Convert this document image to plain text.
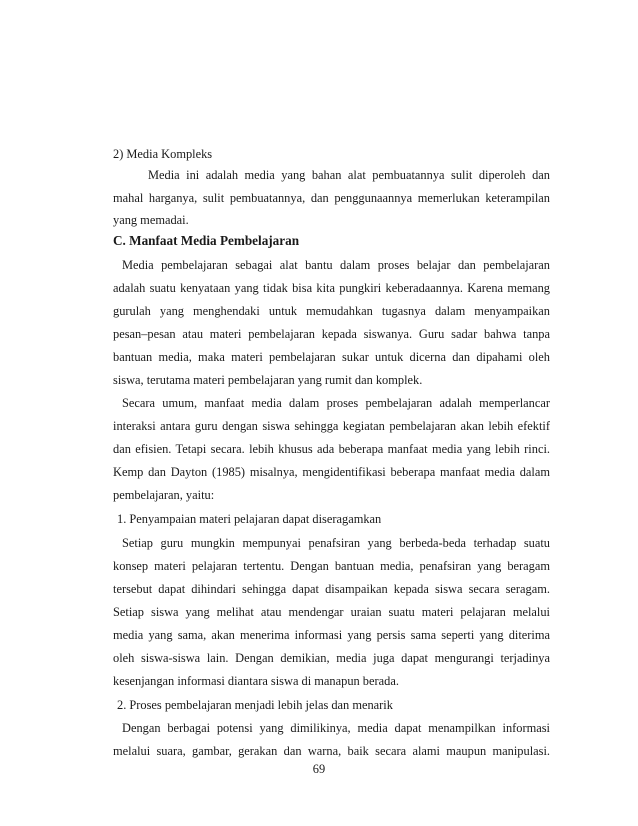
2) Media Kompleks
Media ini adalah media yang bahan alat pembuatannya sulit diperoleh dan
mahal harganya, sulit pembuatannya, dan penggunaannya memerlukan keterampilan
yang memadai.
C. Manfaat Media Pembelajaran
Media pembelajaran sebagai alat bantu dalam proses belajar dan pembelajaran
adalah suatu kenyataan yang tidak bisa kita pungkiri keberadaannya. Karena memang
gurulah yang menghendaki untuk memudahkan tugasnya dalam menyampaikan
pesan–pesan atau materi pembelajaran kepada siswanya. Guru sadar bahwa tanpa
bantuan media, maka materi pembelajaran sukar untuk dicerna dan dipahami oleh
siswa, terutama materi pembelajaran yang rumit dan komplek.
Secara umum, manfaat media dalam proses pembelajaran adalah memperlancar
interaksi antara guru dengan siswa sehingga kegiatan pembelajaran akan lebih efektif
dan efisien. Tetapi secara. lebih khusus ada beberapa manfaat media yang lebih rinci.
Kemp dan Dayton (1985) misalnya, mengidentifikasi beberapa manfaat media dalam
pembelajaran, yaitu:
1. Penyampaian materi pelajaran dapat diseragamkan
Setiap guru mungkin mempunyai penafsiran yang berbeda-beda terhadap suatu
konsep materi pelajaran tertentu. Dengan bantuan media, penafsiran yang beragam
tersebut dapat dihindari sehingga dapat disampaikan kepada siswa secara seragam.
Setiap siswa yang melihat atau mendengar uraian suatu materi pelajaran melalui
media yang sama, akan menerima informasi yang persis sama seperti yang diterima
oleh siswa-siswa lain. Dengan demikian, media juga dapat mengurangi terjadinya
kesenjangan informasi diantara siswa di manapun berada.
2. Proses pembelajaran menjadi lebih jelas dan menarik
Dengan berbagai potensi yang dimilikinya, media dapat menampilkan informasi
melalui suara, gambar, gerakan dan warna, baik secara alami maupun manipulasi.
69
